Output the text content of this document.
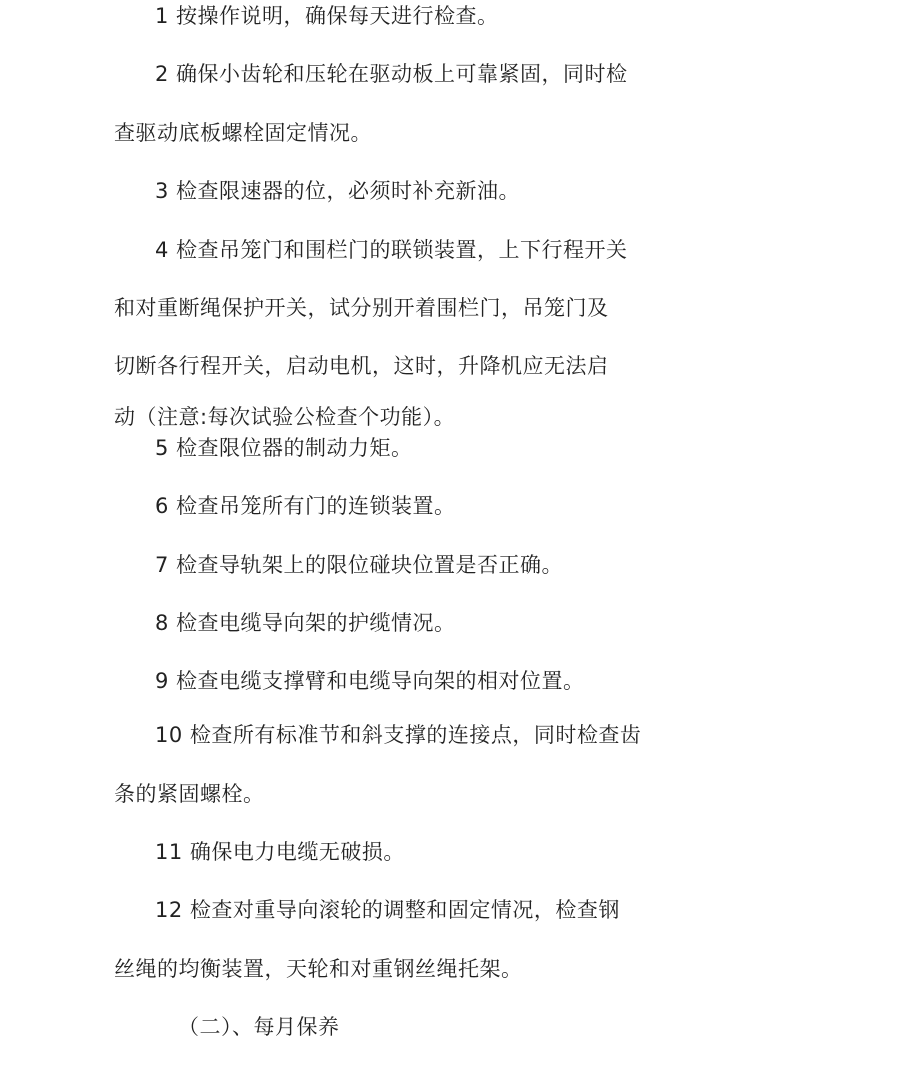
1 按操作说明，确保每天进行检查。
2 确保小齿轮和压轮在驱动板上可靠紧固，同时检
查驱动底板螺栓固定情况。
3 检查限速器的位，必须时补充新油。
4 检查吊笼门和围栏门的联锁装置，上下行程开关
和对重断绳保护开关，试分别开着围栏门，吊笼门及
切断各行程开关，启动电机，这时，升降机应无法启
动（注意:每次试验公检查个功能）。
5 检查限位器的制动力矩。
6 检查吊笼所有门的连锁装置。
7 检查导轨架上的限位碰块位置是否正确。
8 检查电缆导向架的护缆情况。
9 检查电缆支撑臂和电缆导向架的相对位置。
10 检查所有标准节和斜支撑的连接点，同时检查齿
条的紧固螺栓。
11 确保电力电缆无破损。
12 检查对重导向滚轮的调整和固定情况，检查钢
丝绳的均衡装置，天轮和对重钢丝绳托架。
（二）、每月保养
